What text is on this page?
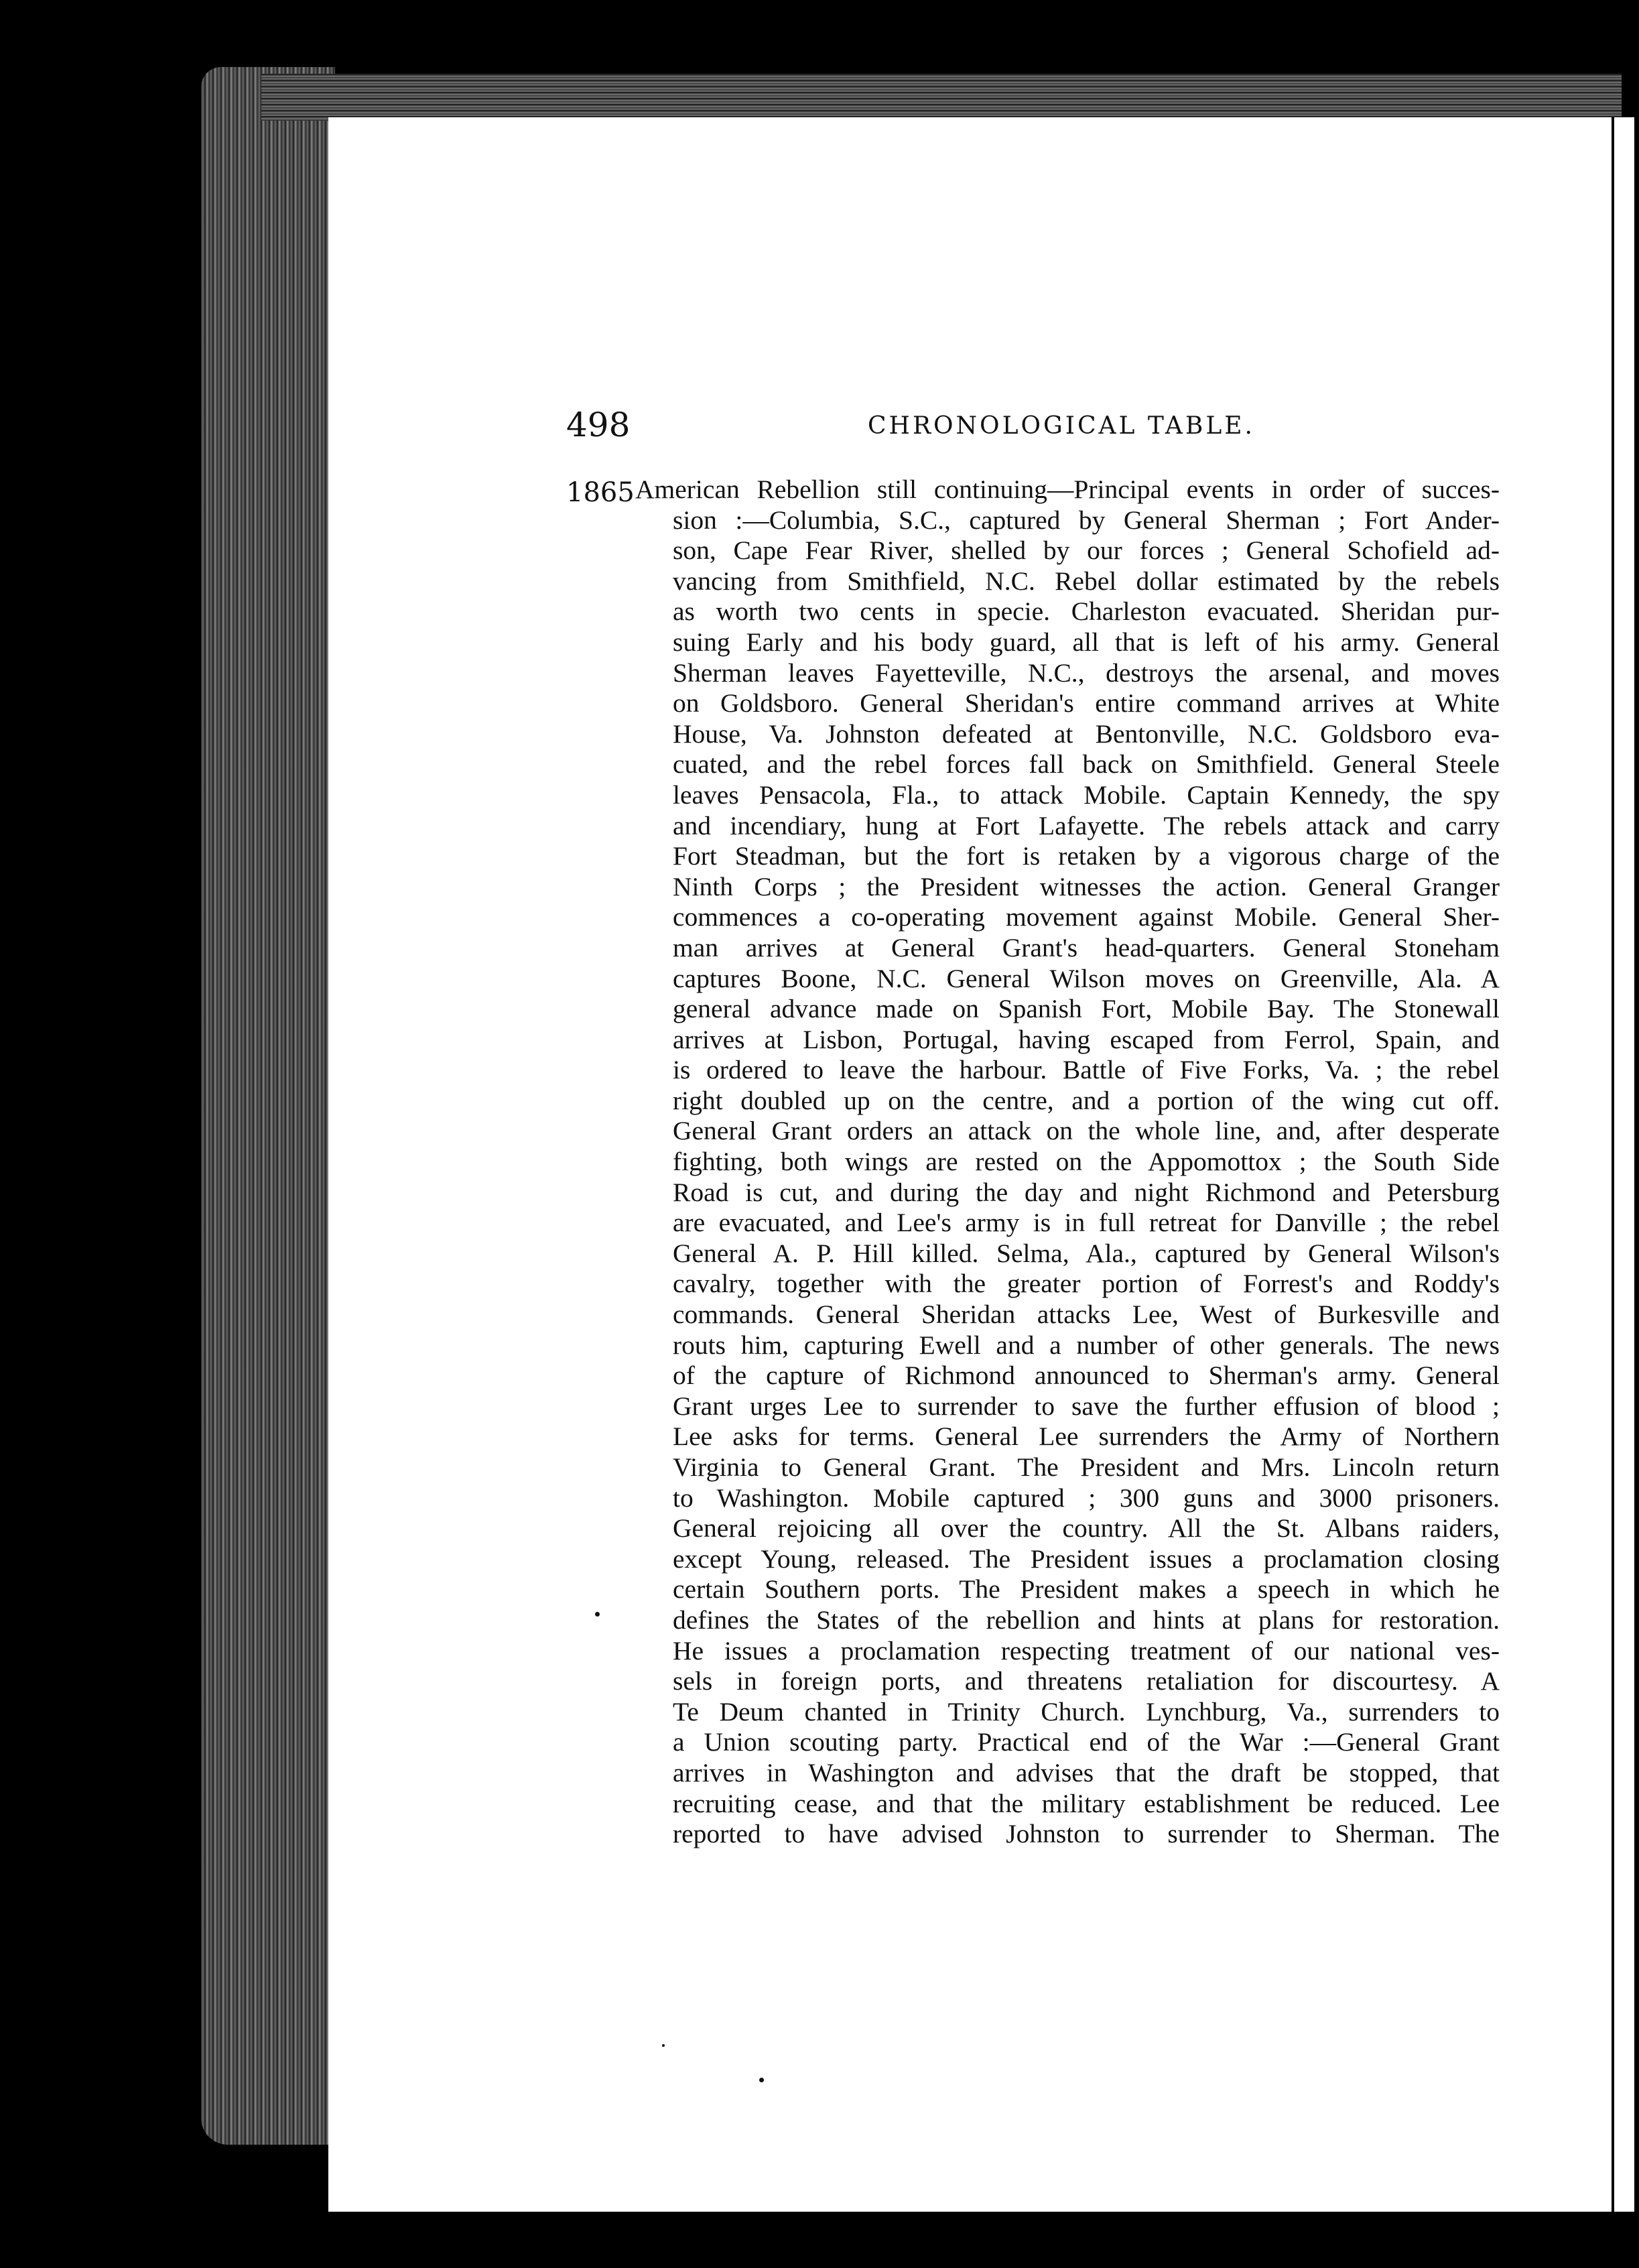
498	CHRONOLOGICAL TABLE.
1865 American Rebellion still continuing—Principal events in order of succes-
sion :—Columbia, S.C., captured by General Sherman ; Fort Ander-
son, Cape Fear River, shelled by our forces ; General Schofield ad-
vancing from Smithfield, N.C. Rebel dollar estimated by the rebels
as worth two cents in specie. Charleston evacuated. Sheridan pur-
suing Early and his body guard, all that is left of his army. General
Sherman leaves Fayetteville, N.C., destroys the arsenal, and moves
on Goldsboro. General Sheridan's entire command arrives at White
House, Va. Johnston defeated at Bentonville, N.C. Goldsboro eva-
cuated, and the rebel forces fall back on Smithfield. General Steele
leaves Pensacola, Fla., to attack Mobile. Captain Kennedy, the spy
and incendiary, hung at Fort Lafayette. The rebels attack and carry
Fort Steadman, but the fort is retaken by a vigorous charge of the
Ninth Corps ; the President witnesses the action. General Granger
commences a co-operating movement against Mobile. General Sher-
man arrives at General Grant's head-quarters. General Stoneham
captures Boone, N.C. General Wilson moves on Greenville, Ala. A
general advance made on Spanish Fort, Mobile Bay. The Stonewall
arrives at Lisbon, Portugal, having escaped from Ferrol, Spain, and
is ordered to leave the harbour. Battle of Five Forks, Va. ; the rebel
right doubled up on the centre, and a portion of the wing cut off.
General Grant orders an attack on the whole line, and, after desperate
fighting, both wings are rested on the Appomottox ; the South Side
Road is cut, and during the day and night Richmond and Petersburg
are evacuated, and Lee's army is in full retreat for Danville ; the rebel
General A. P. Hill killed. Selma, Ala., captured by General Wilson's
cavalry, together with the greater portion of Forrest's and Roddy's
commands. General Sheridan attacks Lee, West of Burkesville and
routs him, capturing Ewell and a number of other generals. The news
of the capture of Richmond announced to Sherman's army. General
Grant urges Lee to surrender to save the further effusion of blood ;
Lee asks for terms. General Lee surrenders the Army of Northern
Virginia to General Grant. The President and Mrs. Lincoln return
to Washington. Mobile captured ; 300 guns and 3000 prisoners.
General rejoicing all over the country. All the St. Albans raiders,
except Young, released. The President issues a proclamation closing
certain Southern ports. The President makes a speech in which he
defines the States of the rebellion and hints at plans for restoration.
He issues a proclamation respecting treatment of our national ves-
sels in foreign ports, and threatens retaliation for discourtesy. A
Te Deum chanted in Trinity Church. Lynchburg, Va., surrenders to
a Union scouting party. Practical end of the War :—General Grant
arrives in Washington and advises that the draft be stopped, that
recruiting cease, and that the military establishment be reduced. Lee
reported to have advised Johnston to surrender to Sherman. The
